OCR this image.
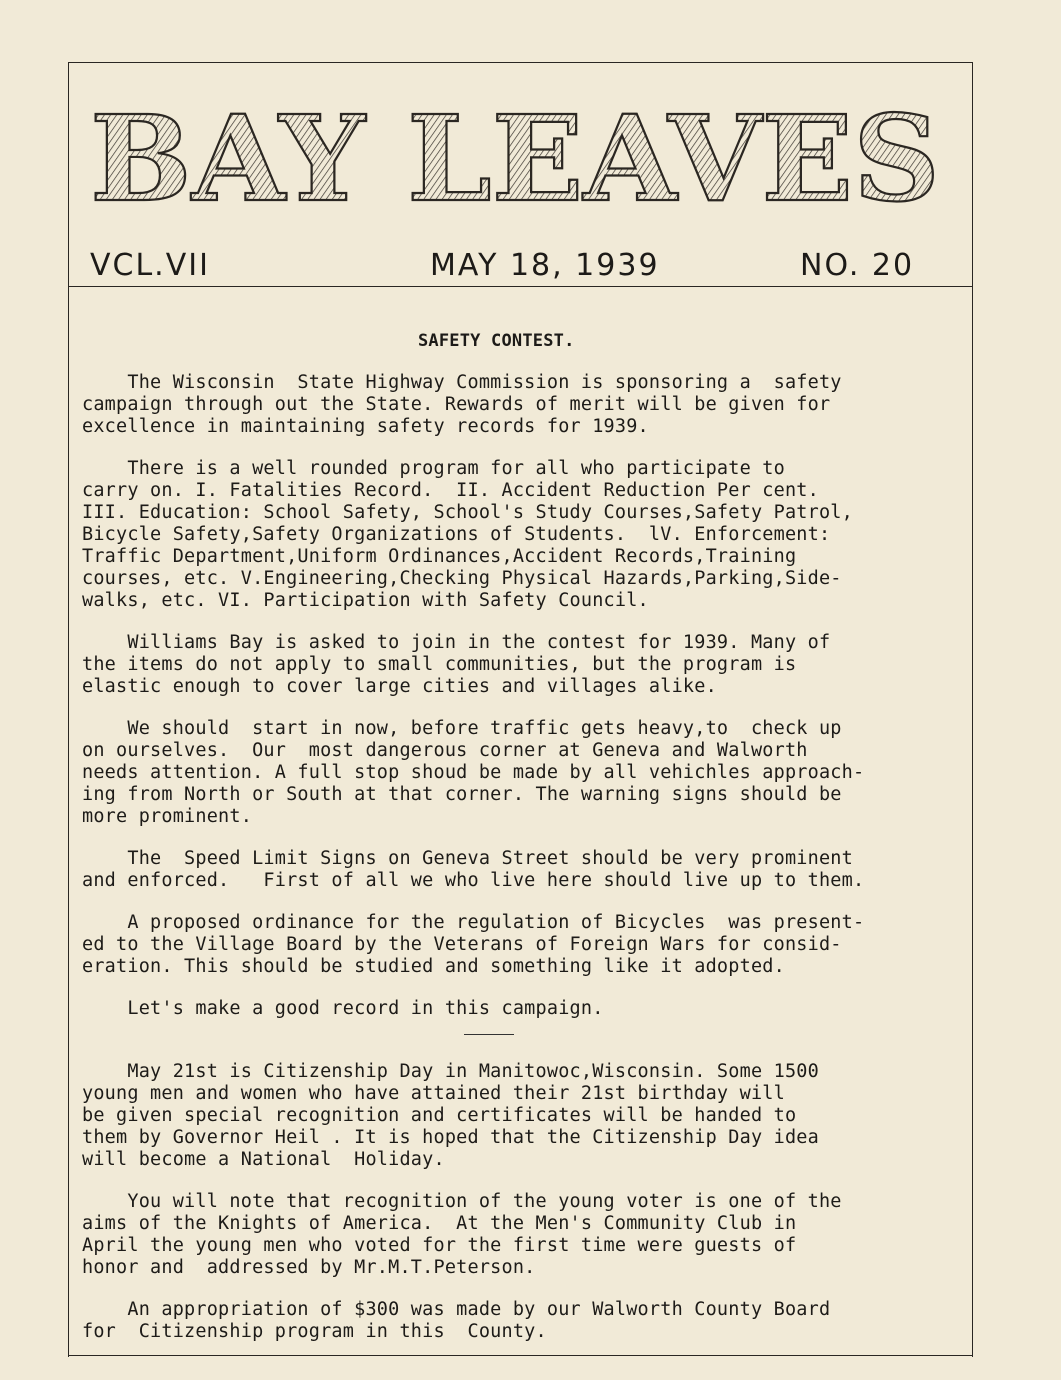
BAY LEAVES
VCL.VII	MAY 18, 1939	NO. 20
SAFETY CONTEST.
The Wisconsin  State Highway Commission is sponsoring a  safety
campaign through out the State. Rewards of merit will be given for
excellence in maintaining safety records for 1939.
There is a well rounded program for all who participate to
carry on. I. Fatalities Record.  II. Accident Reduction Per cent.
III. Education: School Safety, School's Study Courses,Safety Patrol,
Bicycle Safety,Safety Organizations of Students.  lV. Enforcement:
Traffic Department,Uniform Ordinances,Accident Records,Training
courses, etc. V.Engineering,Checking Physical Hazards,Parking,Side-
walks, etc. VI. Participation with Safety Council.
Williams Bay is asked to join in the contest for 1939. Many of
the items do not apply to small communities, but the program is
elastic enough to cover large cities and villages alike.
We should  start in now, before traffic gets heavy,to  check up
on ourselves.  Our  most dangerous corner at Geneva and Walworth
needs attention. A full stop shoud be made by all vehichles approach-
ing from North or South at that corner. The warning signs should be
more prominent.
The  Speed Limit Signs on Geneva Street should be very prominent
and enforced.   First of all we who live here should live up to them.
A proposed ordinance for the regulation of Bicycles  was present-
ed to the Village Board by the Veterans of Foreign Wars for consid-
eration. This should be studied and something like it adopted.
Let's make a good record in this campaign.
May 21st is Citizenship Day in Manitowoc,Wisconsin. Some 1500
young men and women who have attained their 21st birthday will
be given special recognition and certificates will be handed to
them by Governor Heil . It is hoped that the Citizenship Day idea
will become a National  Holiday.
You will note that recognition of the young voter is one of the
aims of the Knights of America.  At the Men's Community Club in
April the young men who voted for the first time were guests of
honor and  addressed by Mr.M.T.Peterson.
An appropriation of $300 was made by our Walworth County Board
for  Citizenship program in this  County.
